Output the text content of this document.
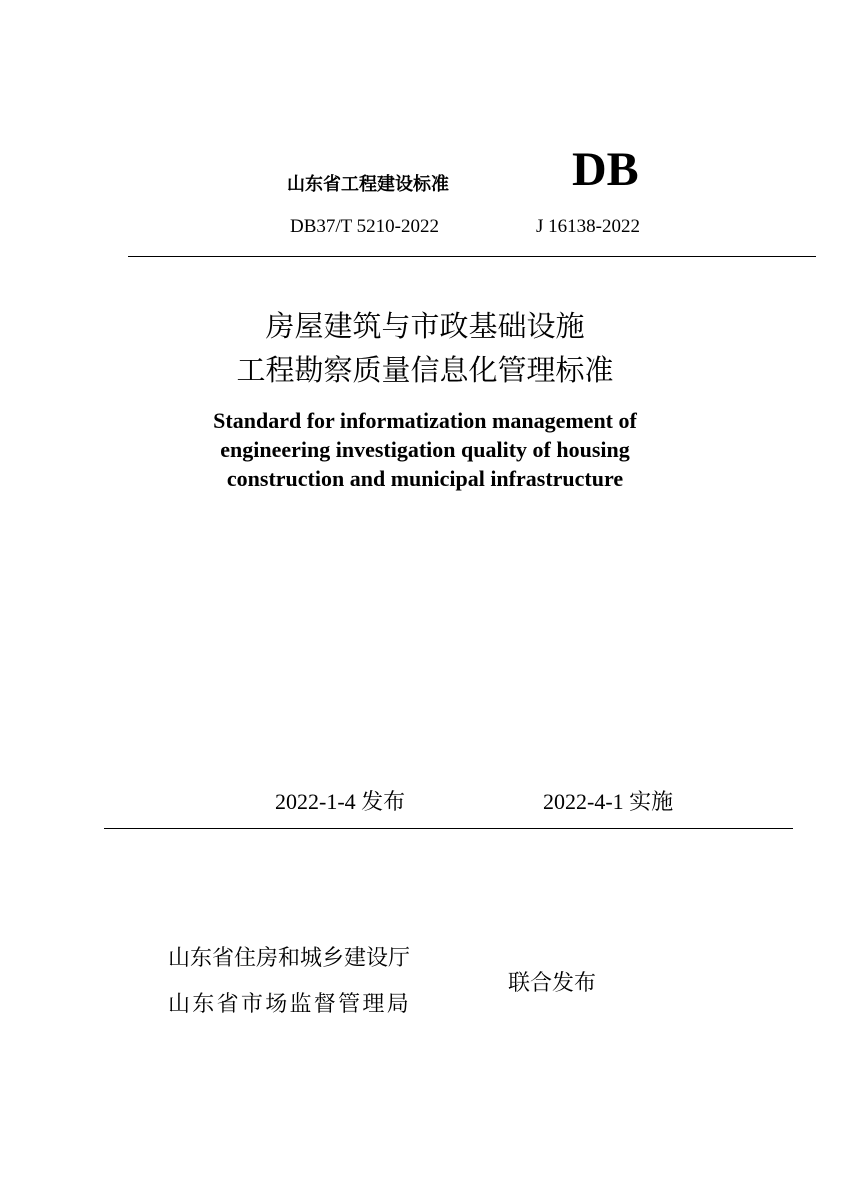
山东省工程建设标准	DB
DB37/T 5210-2022	J 16138-2022
房屋建筑与市政基础设施
工程勘察质量信息化管理标准
Standard for informatization management of
engineering investigation quality of housing
construction and municipal infrastructure
2022-1-4 发布	2022-4-1 实施
山东省住房和城乡建设厅
山东省市场监督管理局
联合发布
